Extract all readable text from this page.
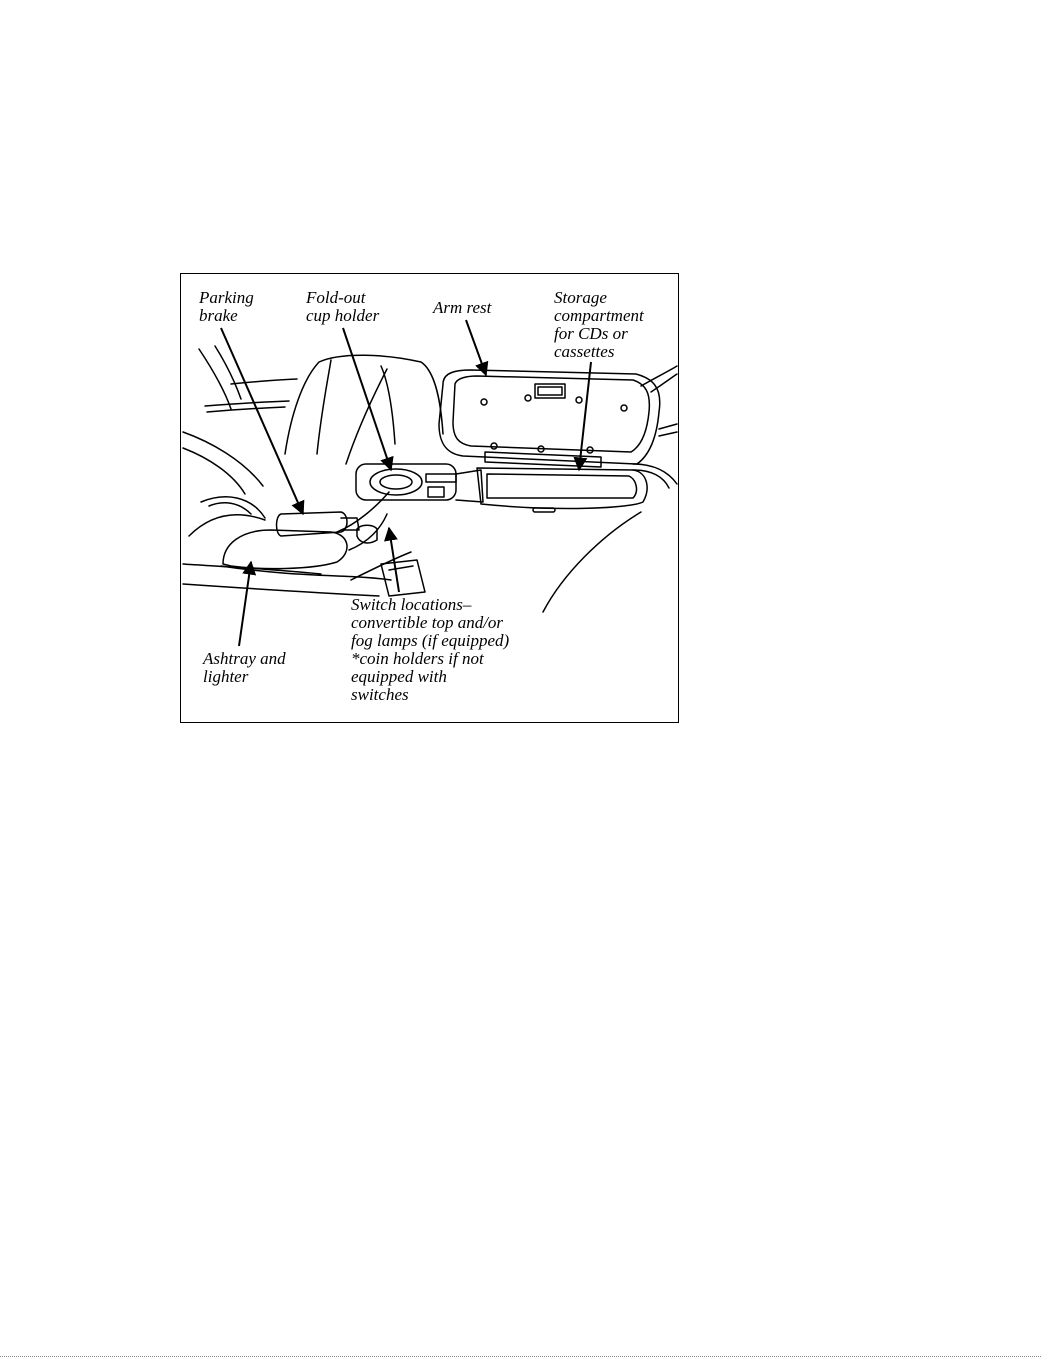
Parking
brake

Fold-out
cup holder	Arm rest

Storage
compartment
for CDs or
cassettes

Switch locations–
convertible top and/or
fog lamps (if equipped)
*coin holders if not
equipped with
switches

Ashtray and
lighter
